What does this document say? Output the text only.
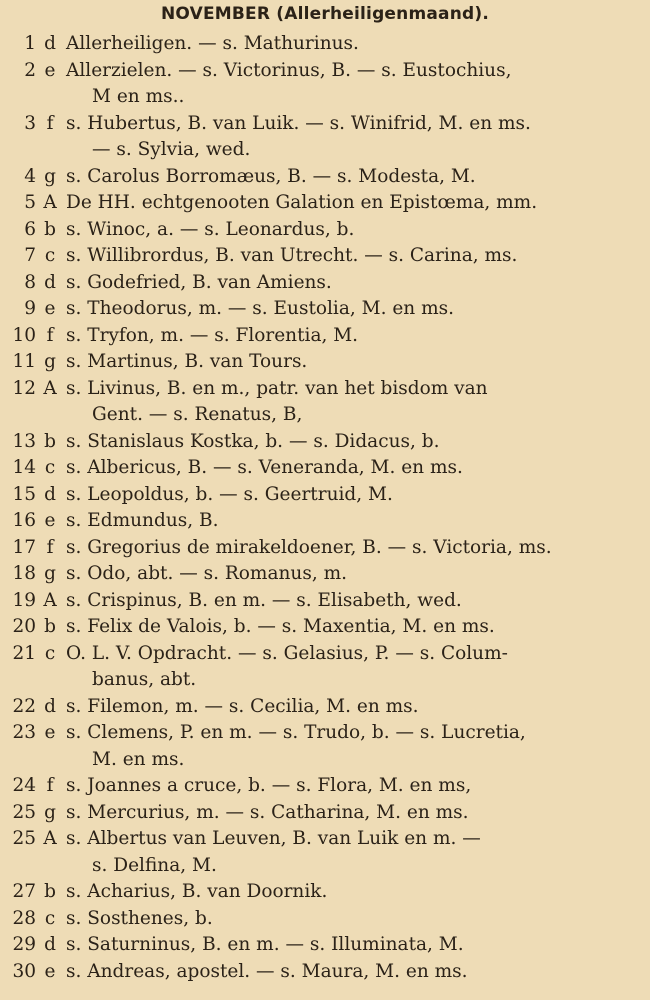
NOVEMBER (Allerheiligenmaand).
1 d Allerheiligen. — s. Mathurinus.
2 e Allerzielen. — s. Victorinus, B. — s. Eustochius,
M en ms..
3 f s. Hubertus, B. van Luik. — s. Winifrid, M. en ms.
— s. Sylvia, wed.
4 g s. Carolus Borromæus, B. — s. Modesta, M.
5 A De HH. echtgenooten Galation en Epistœma, mm.
6 b s. Winoc, a. — s. Leonardus, b.
7 c s. Willibrordus, B. van Utrecht. — s. Carina, ms.
8 d s. Godefried, B. van Amiens.
9 e s. Theodorus, m. — s. Eustolia, M. en ms.
10 f s. Tryfon, m. — s. Florentia, M.
11 g s. Martinus, B. van Tours.
12 A s. Livinus, B. en m., patr. van het bisdom van
Gent. — s. Renatus, B,
13 b s. Stanislaus Kostka, b. — s. Didacus, b.
14 c s. Albericus, B. — s. Veneranda, M. en ms.
15 d s. Leopoldus, b. — s. Geertruid, M.
16 e s. Edmundus, B.
17 f s. Gregorius de mirakeldoener, B. — s. Victoria, ms.
18 g s. Odo, abt. — s. Romanus, m.
19 A s. Crispinus, B. en m. — s. Elisabeth, wed.
20 b s. Felix de Valois, b. — s. Maxentia, M. en ms.
21 c O. L. V. Opdracht. — s. Gelasius, P. — s. Colum-
banus, abt.
22 d s. Filemon, m. — s. Cecilia, M. en ms.
23 e s. Clemens, P. en m. — s. Trudo, b. — s. Lucretia,
M. en ms.
24 f s. Joannes a cruce, b. — s. Flora, M. en ms,
25 g s. Mercurius, m. — s. Catharina, M. en ms.
25 A s. Albertus van Leuven, B. van Luik en m. —
s. Delfina, M.
27 b s. Acharius, B. van Doornik.
28 c s. Sosthenes, b.
29 d s. Saturninus, B. en m. — s. Illuminata, M.
30 e s. Andreas, apostel. — s. Maura, M. en ms.
